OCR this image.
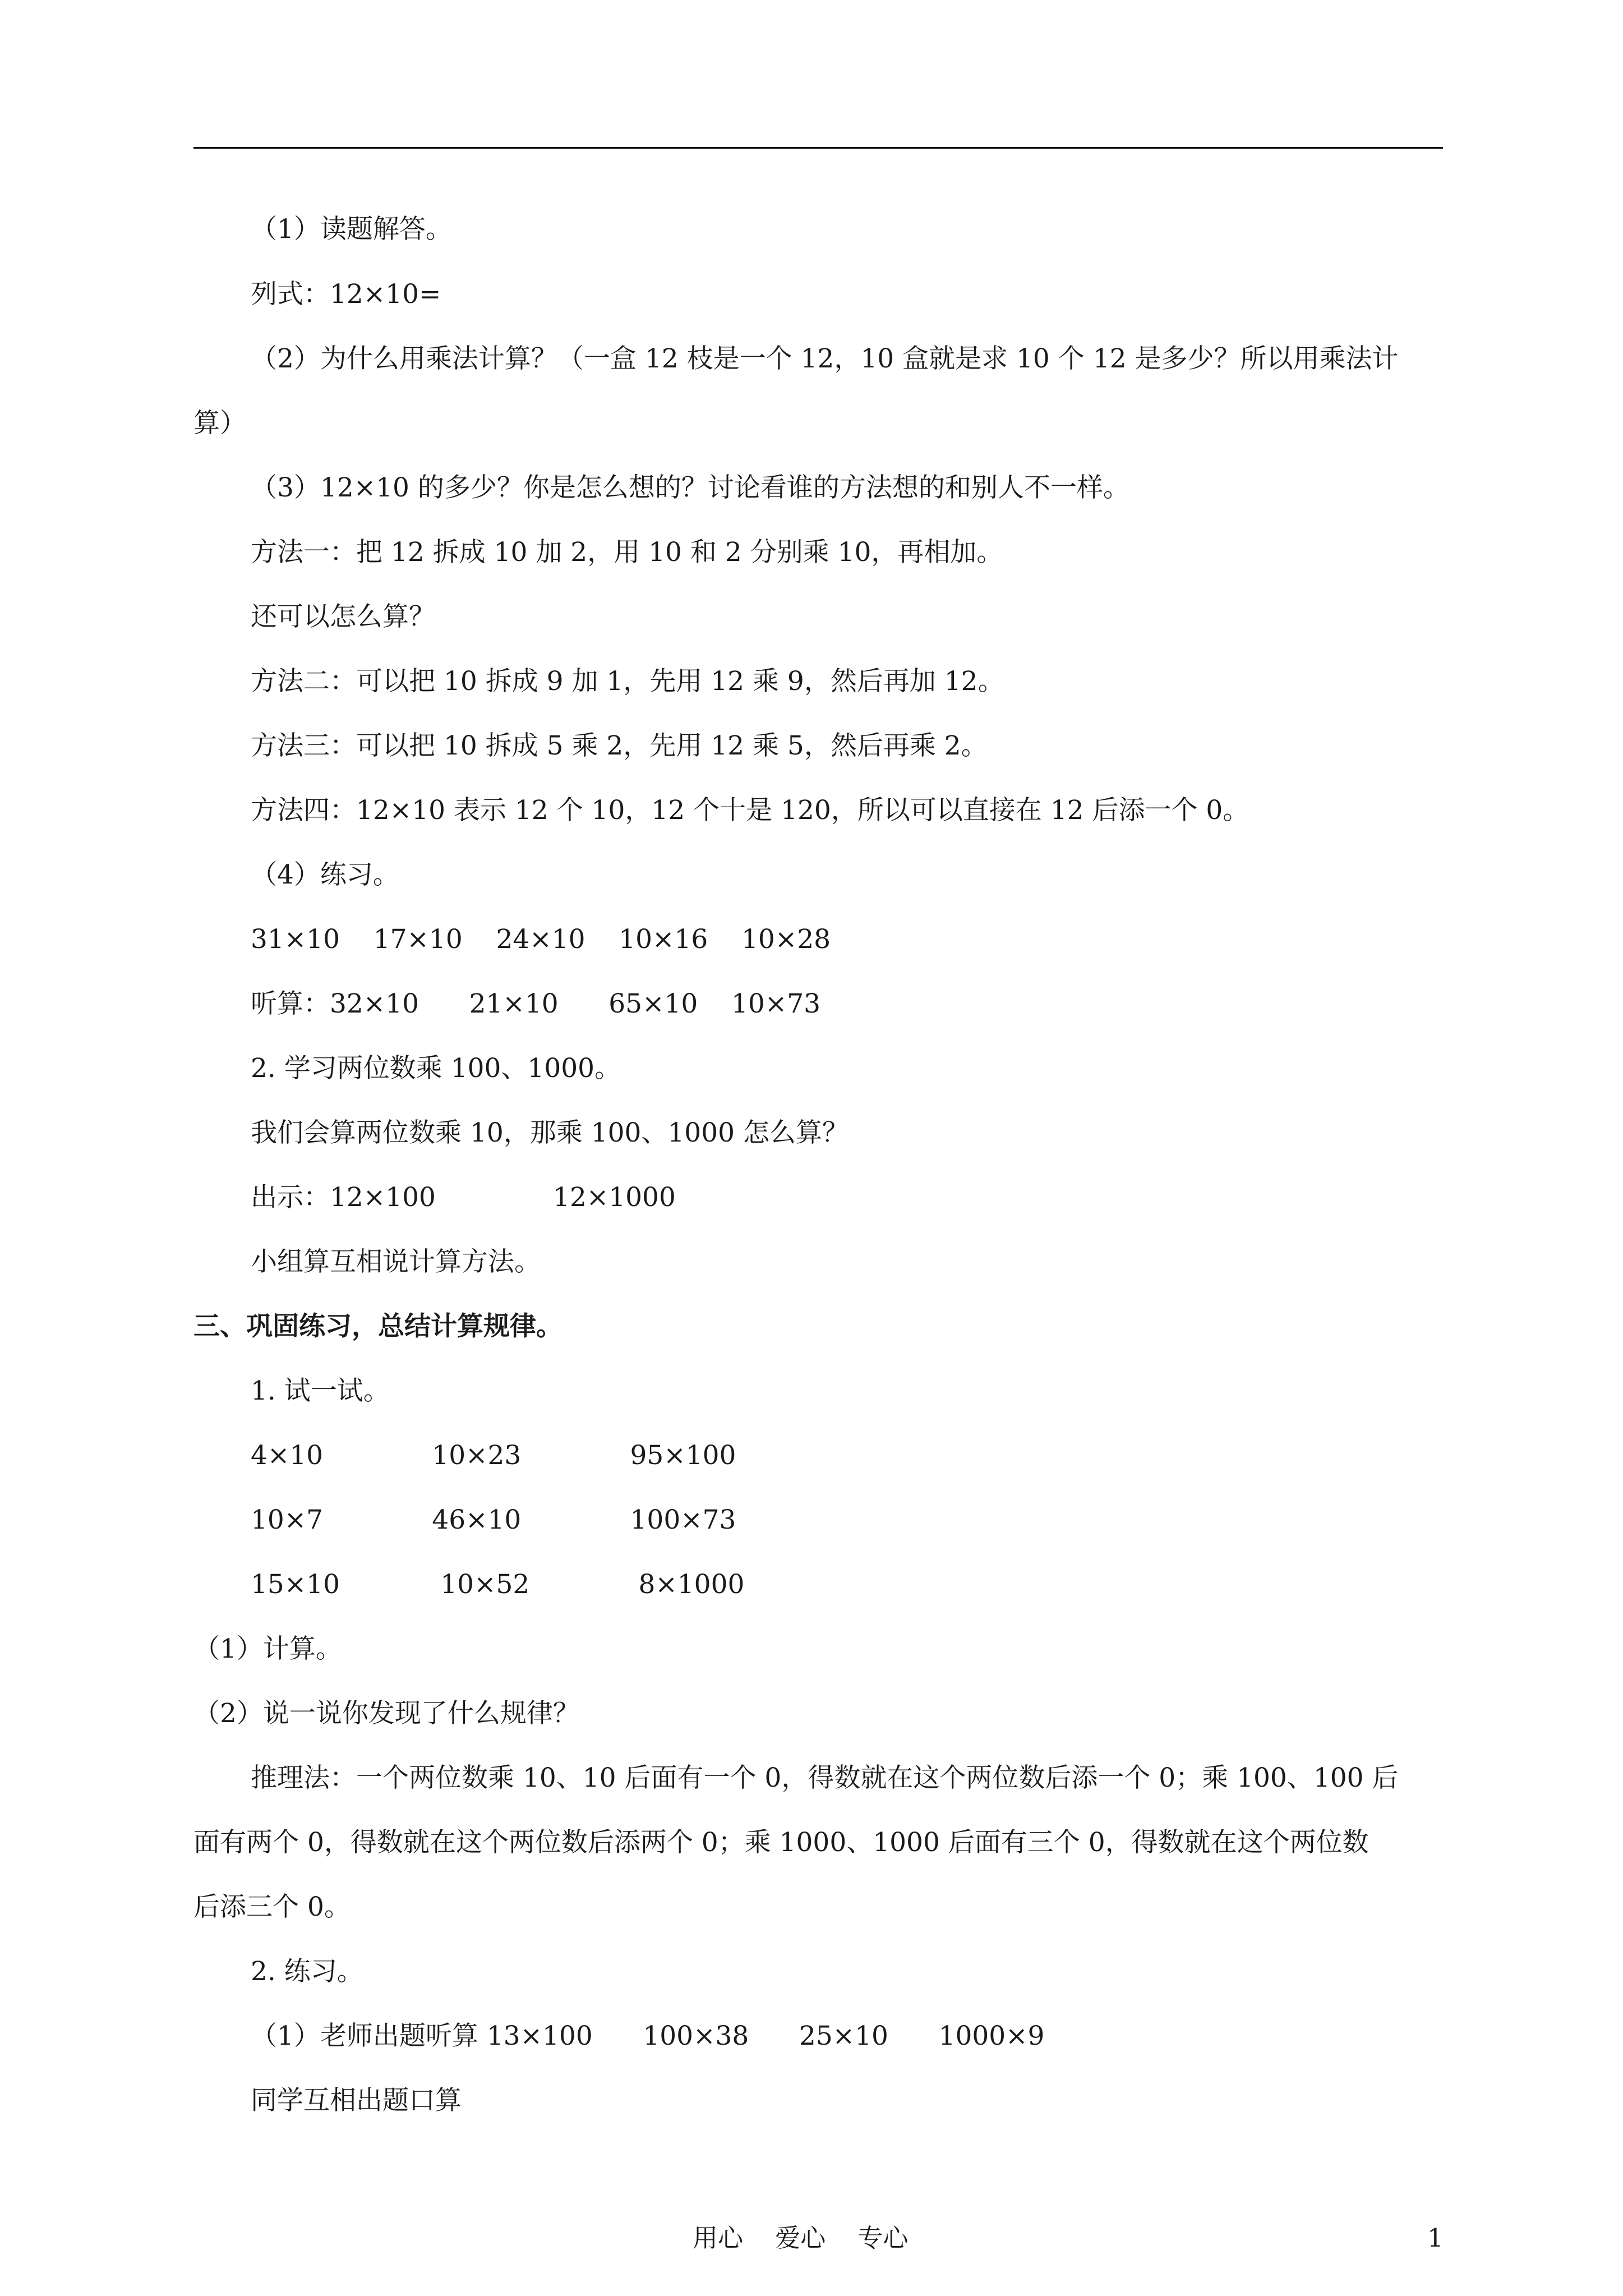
（1）读题解答。
列式：12×10=
（2）为什么用乘法计算？（一盒 12 枝是一个 12，10 盒就是求 10 个 12 是多少？所以用乘法计
算）
（3）12×10 的多少？你是怎么想的？讨论看谁的方法想的和别人不一样。
方法一：把 12 拆成 10 加 2，用 10 和 2 分别乘 10，再相加。
还可以怎么算？
方法二：可以把 10 拆成 9 加 1，先用 12 乘 9，然后再加 12。
方法三：可以把 10 拆成 5 乘 2，先用 12 乘 5，然后再乘 2。
方法四：12×10 表示 12 个 10，12 个十是 120，所以可以直接在 12 后添一个 0。
（4）练习。
31×10    17×10    24×10    10×16    10×28
听算：32×10      21×10      65×10    10×73
2. 学习两位数乘 100、1000。
我们会算两位数乘 10，那乘 100、1000 怎么算？
出示：12×100              12×1000
小组算互相说计算方法。
三、巩固练习，总结计算规律。
1. 试一试。
4×10             10×23             95×100
10×7             46×10             100×73
15×10            10×52             8×1000
（1）计算。
（2）说一说你发现了什么规律？
推理法：一个两位数乘 10、10 后面有一个 0，得数就在这个两位数后添一个 0；乘 100、100 后
面有两个 0，得数就在这个两位数后添两个 0；乘 1000、1000 后面有三个 0，得数就在这个两位数
后添三个 0。
2. 练习。
（1）老师出题听算 13×100      100×38      25×10      1000×9
同学互相出题口算
用心    爱心    专心	1
